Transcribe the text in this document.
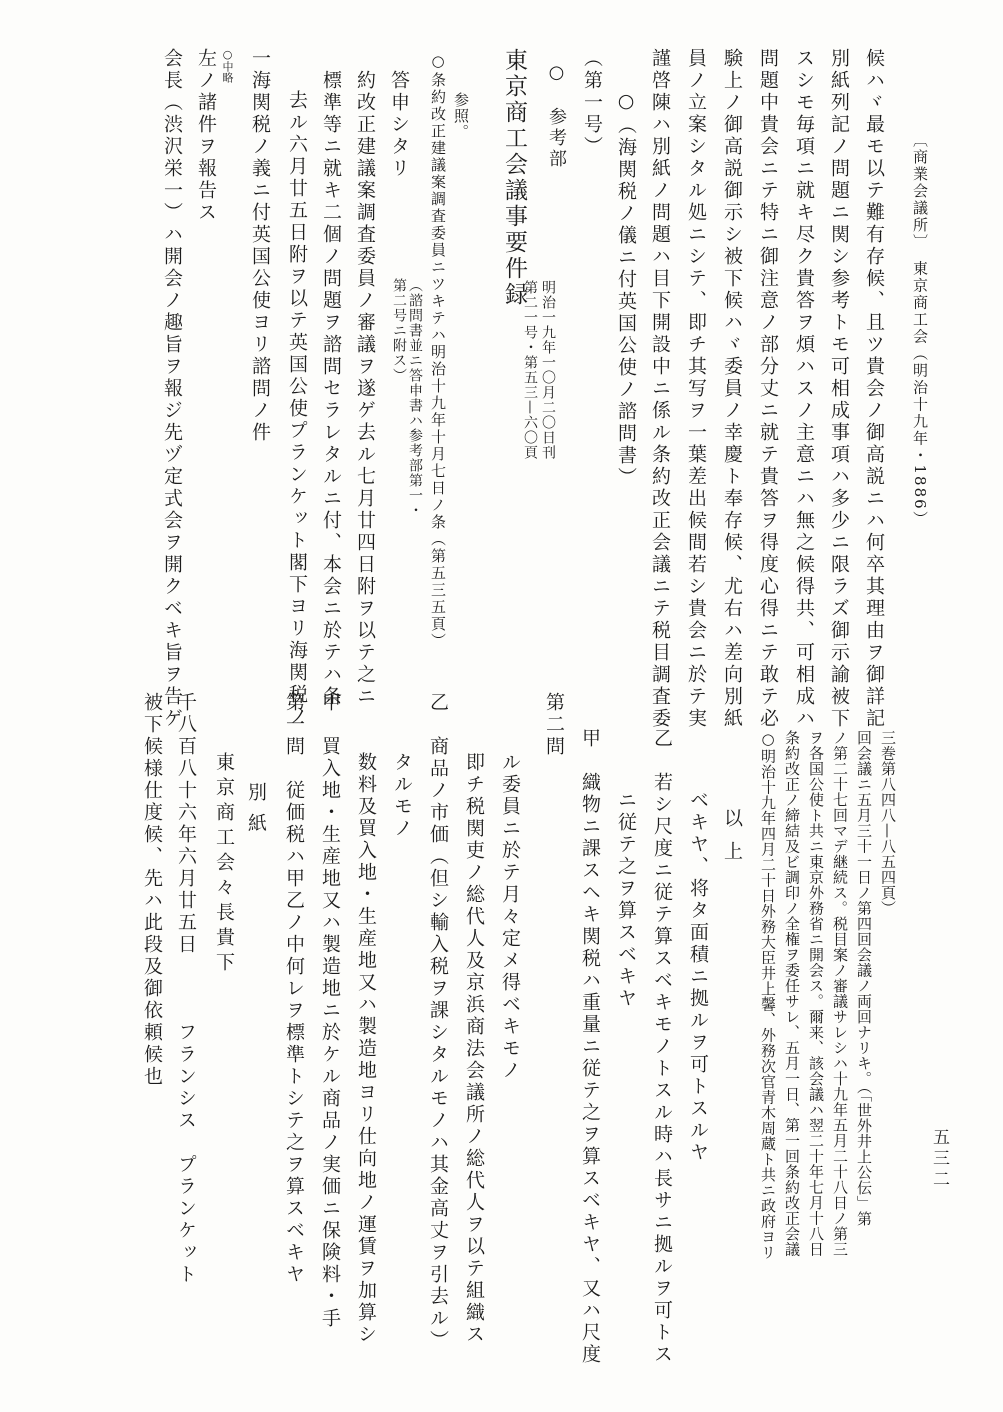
会長（渋沢栄一）ハ開会ノ趣旨ヲ報ジ先ヅ定式会ヲ開クベキ旨ヲ告ゲ 左ノ諸件ヲ報告ス ○中略 一海関税ノ義ニ付英国公使ヨリ諮問ノ件 去ル六月廿五日附ヲ以テ英国公使プランケット閣下ヨリ海関税ノ 標準等ニ就キ二個ノ問題ヲ諮問セラレタルニ付、本会ニ於テハ条 約改正建議案調査委員ノ審議ヲ遂ゲ去ル七月廿四日附ヲ以テ之ニ 答申シタリ
（諮問書並ニ答申書ハ参考部第一・第二号ニ附ス）	○条約改正建議案調査委員ニツキテハ明治十九年十月七日ノ条（第五三五頁） 参照。 東京商工会議事要件録
第二一号・第五三—六〇頁 明治一九年一〇月二〇日刊
○　参考部 （第一号） ○（海関税ノ儀ニ付英国公使ノ諮問書） 謹啓陳ハ別紙ノ問題ハ目下開設中ニ係ル条約改正会議ニテ税目調査委 員ノ立案シタル処ニシテ、即チ其写ヲ一葉差出候間若シ貴会ニ於テ実 験上ノ御高説御示シ被下候ハヾ委員ノ幸慶ト奉存候、尤右ハ差向別紙 問題中貴会ニテ特ニ御注意ノ部分丈ニ就テ貴答ヲ得度心得ニテ敢テ必 スシモ毎項ニ就キ尽ク貴答ヲ煩ハスノ主意ニハ無之候得共、可相成ハ 別紙列記ノ問題ニ関シ参考トモ可相成事項ハ多少ニ限ラズ御示諭被下 候ハヾ最モ以テ難有存候、且ツ貴会ノ御高説ニハ何卒其理由ヲ御詳記 〔商業会議所〕　東京商工会（明治十九年・1886）
被下候様仕度候、先ハ此段及御依頼候也 千八百八十六年六月廿五日　　　フランシス　プランケット 東京商工会々長貴下 別紙 第一問　従価税ハ甲乙ノ中何レヲ標準トシテ之ヲ算スベキヤ 甲　買入地・生産地又ハ製造地ニ於ケル商品ノ実価ニ保険料・手 数料及買入地・生産地又ハ製造地ヨリ仕向地ノ運賃ヲ加算シ タルモノ 乙　商品ノ市価（但シ輸入税ヲ課シタルモノハ其金高丈ヲ引去ル） 即チ税関吏ノ総代人及京浜商法会議所ノ総代人ヲ以テ組織ス ル委員ニ於テ月々定メ得ベキモノ
第二問
甲　織物ニ課スヘキ関税ハ重量ニ従テ之ヲ算スベキヤ、又ハ尺度 ニ従テ之ヲ算スベキヤ 乙　若シ尺度ニ従テ算スベキモノトスル時ハ長サニ拠ルヲ可トス ベキヤ、将タ面積ニ拠ルヲ可トスルヤ 以上 ○明治十九年四月二十日外務大臣井上馨、外務次官青木周蔵ト共ニ政府ヨリ 条約改正ノ締結及ビ調印ノ全権ヲ委任サレ、五月一日、第一回条約改正会議 ヲ各国公使ト共ニ東京外務省ニ開会ス。爾来、該会議ハ翌二十年七月十八日 ノ第二十七回マデ継続ス。税目案ノ審議サレシハ十九年五月二十八日ノ第三 回会議ニ五月三十一日ノ第四回会議ノ両回ナリキ。（「世外井上公伝」第 三巻第八四八—八五四頁）
五三二
